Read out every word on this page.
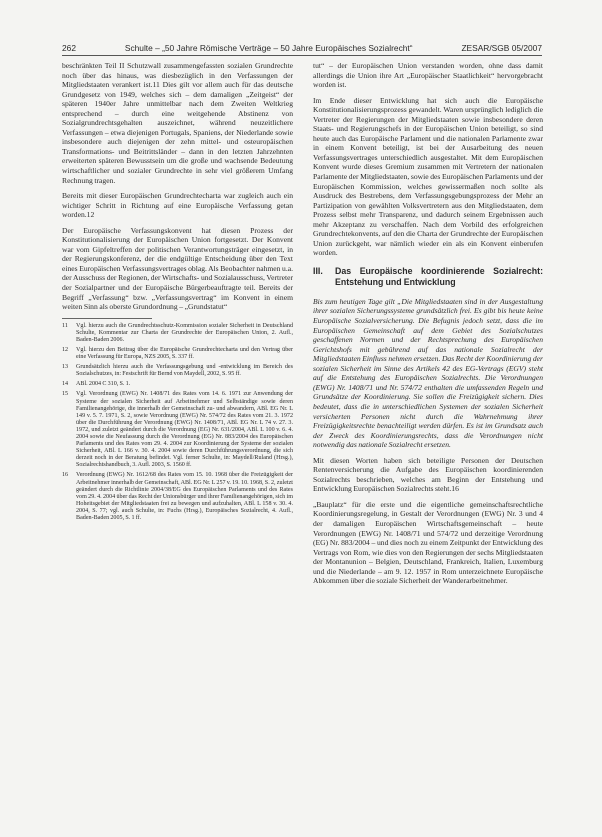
262	Schulte – „50 Jahre Römische Verträge – 50 Jahre Europäisches Sozialrecht“	ZESAR/SGB 05/2007

beschränkten Teil II Schutzwall zusammengefassten sozialen Grundrechte noch über das hinaus, was diesbezüglich in den Verfassungen der Mitgliedstaaten verankert ist.11 Dies gilt vor allem auch für das deutsche Grundgesetz von 1949, welches sich – dem damaligen „Zeitgeist“ der späteren 1940er Jahre unmittelbar nach dem Zweiten Weltkrieg entsprechend – durch eine weitgehende Abstinenz von Sozialgrundrechtsgehalten auszeichnet, während neuzeitlichere Verfassungen – etwa diejenigen Portugals, Spaniens, der Niederlande sowie insbesondere auch diejenigen der zehn mittel- und osteuropäischen Transformations- und Beitrittsländer – dann in den letzten Jahrzehnten erweiterten späteren Bewusstsein um die große und wachsende Bedeutung wirtschaftlicher und sozialer Grundrechte in sehr viel größerem Umfang Rechnung tragen.

Bereits mit dieser Europäischen Grundrechtecharta war zugleich auch ein wichtiger Schritt in Richtung auf eine Europäische Verfassung getan worden.12

Der Europäische Verfassungskonvent hat diesen Prozess der Konstitutionalisierung der Europäischen Union fortgesetzt. Der Konvent war vom Gipfeltreffen der politischen Verantwortungsträger eingesetzt, in der Regierungskonferenz, der die endgültige Entscheidung über den Text eines Europäischen Verfassungsvertrages oblag. Als Beobachter nahmen u.a. der Ausschuss der Regionen, der Wirtschafts- und Sozialausschuss, Vertreter der Sozialpartner und der Europäische Bürgerbeauftragte teil. Bereits der Begriff „Verfassung“ bzw. „Verfassungsvertrag“ im Konvent in einem weiten Sinn als oberste Grundordnung – „Grundstatut“

11	Vgl. hierzu auch die Grundrechtsschutz-Kommission sozialer Sicherheit in Deutschland Schulte, Kommentar zur Charta der Grundrechte der Europäischen Union, 2. Aufl., Baden-Baden 2006.
12	Vgl. hierzu den Beitrag über die Europäische Grundrechtecharta und den Vertrag über eine Verfassung für Europa, NZS 2005, S. 337 ff.
13	Grundsätzlich hierzu auch die Verfassungsgebung und -entwicklung im Bereich des Sozialschutzes, in: Festschrift für Bernd von Maydell, 2002, S. 95 ff.
14	ABl. 2004 C 310, S. 1.
15	Vgl. Verordnung (EWG) Nr. 1408/71 des Rates vom 14. 6. 1971 zur Anwendung der Systeme der sozialen Sicherheit auf Arbeitnehmer und Selbständige sowie deren Familienangehörige, die innerhalb der Gemeinschaft zu- und abwandern, ABl. EG Nr. L 149 v. 5. 7. 1971, S. 2, sowie Verordnung (EWG) Nr. 574/72 des Rates vom 21. 3. 1972 über die Durchführung der Verordnung (EWG) Nr. 1408/71, ABl. EG Nr. L 74 v. 27. 3. 1972, und zuletzt geändert durch die Verordnung (EG) Nr. 631/2004, ABl. L 100 v. 6. 4. 2004 sowie die Neufassung durch die Verordnung (EG) Nr. 883/2004 des Europäischen Parlaments und des Rates vom 29. 4. 2004 zur Koordinierung der Systeme der sozialen Sicherheit, ABl. L 166 v. 30. 4. 2004 sowie deren Durchführungsverordnung, die sich derzeit noch in der Beratung befindet. Vgl. ferner Schulte, in: Maydell/Ruland (Hrsg.), Sozialrechtshandbuch, 3. Aufl. 2003, S. 1560 ff.
16	Verordnung (EWG) Nr. 1612/68 des Rates vom 15. 10. 1968 über die Freizügigkeit der Arbeitnehmer innerhalb der Gemeinschaft, ABl. EG Nr. L 257 v. 19. 10. 1968, S. 2, zuletzt geändert durch die Richtlinie 2004/38/EG des Europäischen Parlaments und des Rates vom 29. 4. 2004 über das Recht der Unionsbürger und ihrer Familienangehörigen, sich im Hoheitsgebiet der Mitgliedstaaten frei zu bewegen und aufzuhalten, ABl. L 158 v. 30. 4. 2004, S. 77; vgl. auch Schulte, in: Fuchs (Hrsg.), Europäisches Sozialrecht, 4. Aufl., Baden-Baden 2005, S. 1 ff.

tut“ – der Europäischen Union verstanden worden, ohne dass damit allerdings die Union ihre Art „Europäischer Staatlichkeit“ hervorgebracht worden ist.

Im Ende dieser Entwicklung hat sich auch die Europäische Konstitutionalisierungsprozess gewandelt. Waren ursprünglich lediglich die Vertreter der Regierungen der Mitgliedstaaten sowie insbesondere deren Staats- und Regierungschefs in der Europäischen Union beteiligt, so sind heute auch das Europäische Parlament und die nationalen Parlamente zwar in einem Konvent beteiligt, ist bei der Ausarbeitung des neuen Verfassungsvertrages unterschiedlich ausgestaltet. Mit dem Europäischen Konvent wurde dieses Gremium zusammen mit Vertretern der nationalen Parlamente der Mitgliedstaaten, sowie des Europäischen Parlaments und der Europäischen Kommission, welches gewissermaßen noch sollte als Ausdruck des Bestrebens, dem Verfassungsgebungsprozess der Mehr an Partizipation von gewählten Volksvertretern aus den Mitgliedstaaten, dem Prozess selbst mehr Transparenz, und dadurch seinem Ergebnissen auch mehr Akzeptanz zu verschaffen. Nach dem Vorbild des erfolgreichen Grundrechtekonvents, auf den die Charta der Grundrechte der Europäischen Union zurückgeht, war nämlich wieder ein als ein Konvent einberufen worden.

III.	Das Europäische koordinierende Sozialrecht: Entstehung und Entwicklung

Bis zum heutigen Tage gilt „Die Mitgliedstaaten sind in der Ausgestaltung ihrer sozialen Sicherungssysteme grundsätzlich frei. Es gibt bis heute keine Europäische Sozialversicherung. Die Befugnis jedoch setzt, dass die im Europäischen Gemeinschaft auf dem Gebiet des Sozialschutzes geschaffenen Normen und der Rechtsprechung des Europäischen Gerichtshofs mit gebührend auf das nationale Sozialrecht der Mitgliedstaaten Einfluss nehmen ersetzen. Das Recht der Koordinierung der sozialen Sicherheit im Sinne des Artikels 42 des EG-Vertrags (EGV) steht auf die Entstehung des Europäischen Sozialrechts. Die Verordnungen (EWG) Nr. 1408/71 und Nr. 574/72 enthalten die umfassenden Regeln und Grundsätze der Koordinierung. Sie sollen die Freizügigkeit sichern. Dies bedeutet, dass die in unterschiedlichen Systemen der sozialen Sicherheit versicherten Personen nicht durch die Wahrnehmung ihrer Freizügigkeitsrechte benachteiligt werden dürfen. Es ist im Grundsatz auch der Zweck des Koordinierungsrechts, dass die Verordnungen nicht notwendig das nationale Sozialrecht ersetzen.

Mit diesen Worten haben sich beteiligte Personen der Deutschen Rentenversicherung die Aufgabe des Europäischen koordinierenden Sozialrechts beschrieben, welches am Beginn der Entstehung und Entwicklung Europäischen Sozialrechts steht.16

„Bauplatz“ für die erste und die eigentliche gemeinschaftsrechtliche Koordinierungsregelung, in Gestalt der Verordnungen (EWG) Nr. 3 und 4 der damaligen Europäischen Wirtschaftsgemeinschaft – heute Verordnungen (EWG) Nr. 1408/71 und 574/72 und derzeitige Verordnung (EG) Nr. 883/2004 – und dies noch zu einem Zeitpunkt der Entwicklung des Vertrags von Rom, wie dies von den Regierungen der sechs Mitgliedstaaten der Montanunion – Belgien, Deutschland, Frankreich, Italien, Luxemburg und die Niederlande – am 9. 12. 1957 in Rom unterzeichnete Europäische Abkommen über die soziale Sicherheit der Wanderarbeitnehmer.
